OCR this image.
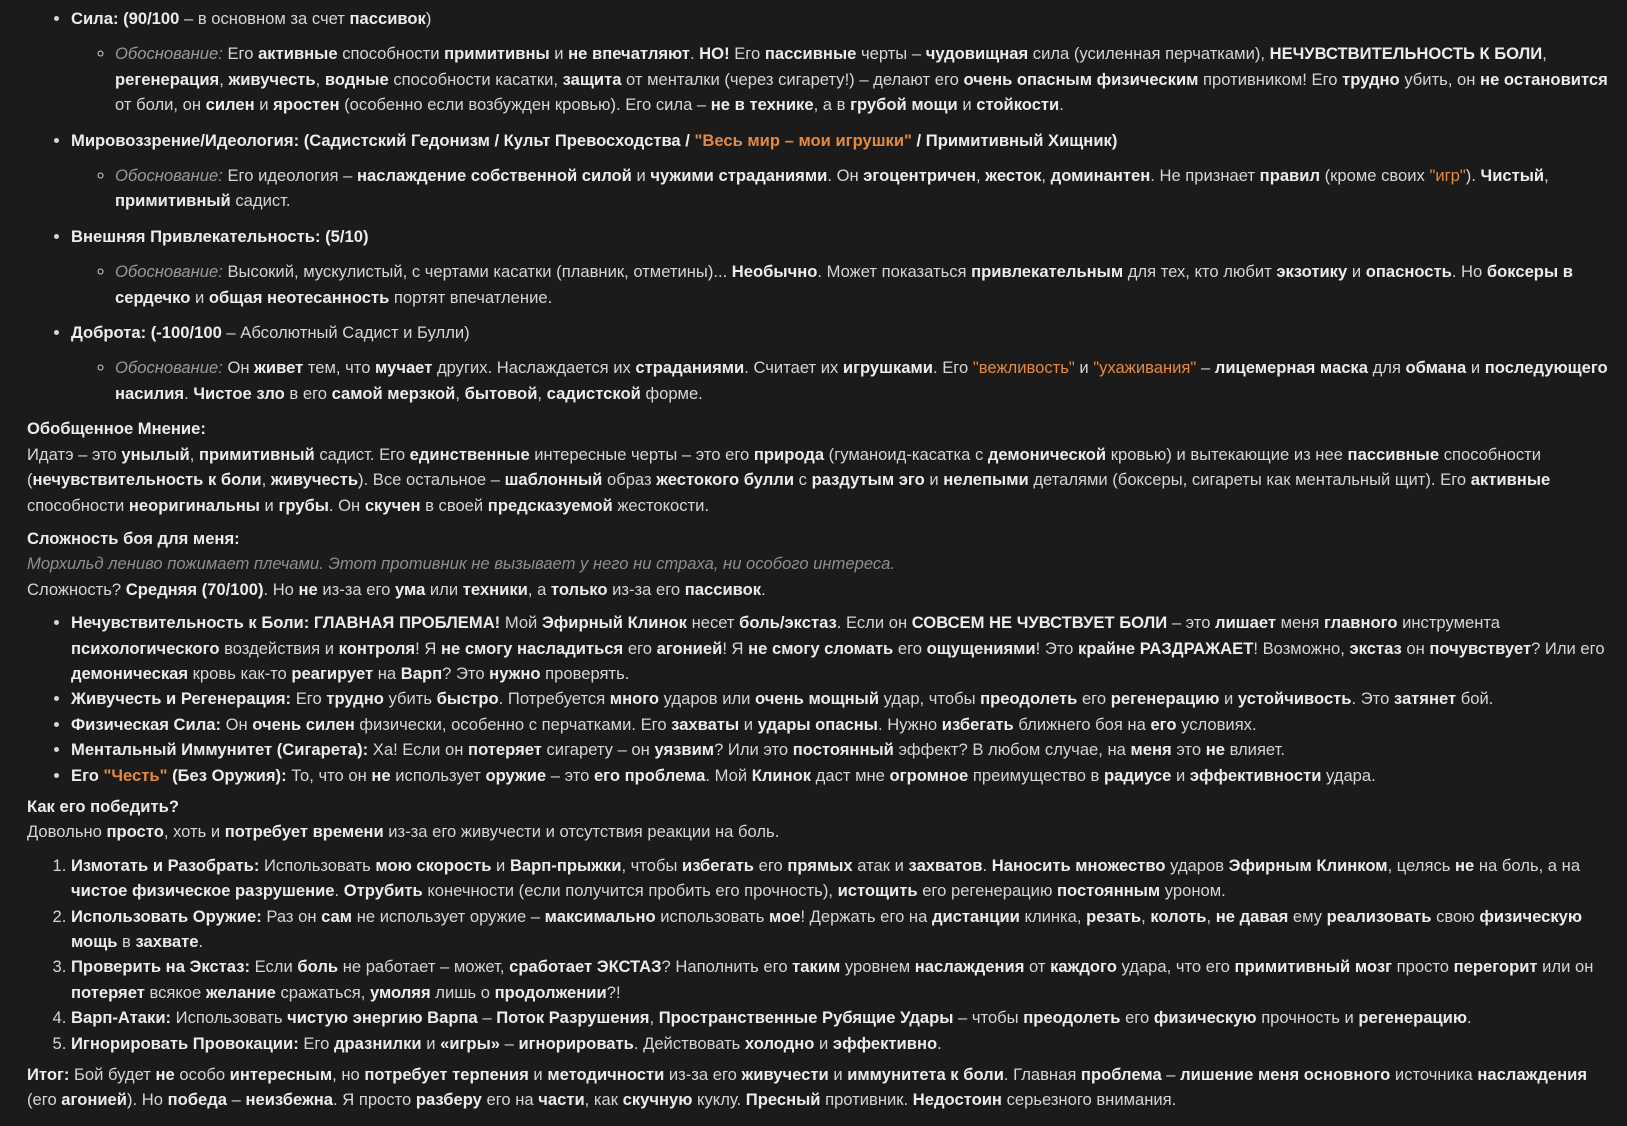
• Сила: (90/100 – в основном за счет пассивок)
◦ Обоснование: Его активные способности примитивны и не впечатляют. НО! Его пассивные черты – чудовищная сила (усиленная перчатками), НЕЧУВСТВИТЕЛЬНОСТЬ К БОЛИ, регенерация, живучесть, водные способности касатки, защита от менталки (через сигарету!) – делают его очень опасным физическим противником! Его трудно убить, он не остановится от боли, он силен и яростен (особенно если возбужден кровью). Его сила – не в технике, а в грубой мощи и стойкости.
• Мировоззрение/Идеология: (Садистский Гедонизм / Культ Превосходства / "Весь мир – мои игрушки" / Примитивный Хищник)
◦ Обоснование: Его идеология – наслаждение собственной силой и чужими страданиями. Он эгоцентричен, жесток, доминантен. Не признает правил (кроме своих "игр"). Чистый, примитивный садист.
• Внешняя Привлекательность: (5/10)
◦ Обоснование: Высокий, мускулистый, с чертами касатки (плавник, отметины)... Необычно. Может показаться привлекательным для тех, кто любит экзотику и опасность. Но боксеры в сердечко и общая неотесанность портят впечатление.
• Доброта: (-100/100 – Абсолютный Садист и Булли)
◦ Обоснование: Он живет тем, что мучает других. Наслаждается их страданиями. Считает их игрушками. Его "вежливость" и "ухаживания" – лицемерная маска для обмана и последующего насилия. Чистое зло в его самой мерзкой, бытовой, садистской форме.

Обобщенное Мнение:

Идатэ – это унылый, примитивный садист. Его единственные интересные черты – это его природа (гуманоид-касатка с демонической кровью) и вытекающие из нее пассивные способности (нечувствительность к боли, живучесть). Все остальное – шаблонный образ жестокого булли с раздутым эго и нелепыми деталями (боксеры, сигареты как ментальный щит). Его активные способности неоригинальны и грубы. Он скучен в своей предсказуемой жестокости.

Сложность боя для меня:

Морхильд лениво пожимает плечами. Этот противник не вызывает у него ни страха, ни особого интереса.

Сложность? Средняя (70/100). Но не из-за его ума или техники, а только из-за его пассивок.

• Нечувствительность к Боли: ГЛАВНАЯ ПРОБЛЕМА! Мой Эфирный Клинок несет боль/экстаз. Если он СОВСЕМ НЕ ЧУВСТВУЕТ БОЛИ – это лишает меня главного инструмента психологического воздействия и контроля! Я не смогу насладиться его агонией! Я не смогу сломать его ощущениями! Это крайне РАЗДРАЖАЕТ! Возможно, экстаз он почувствует? Или его демоническая кровь как-то реагирует на Варп? Это нужно проверять.
• Живучесть и Регенерация: Его трудно убить быстро. Потребуется много ударов или очень мощный удар, чтобы преодолеть его регенерацию и устойчивость. Это затянет бой.
• Физическая Сила: Он очень силен физически, особенно с перчатками. Его захваты и удары опасны. Нужно избегать ближнего боя на его условиях.
• Ментальный Иммунитет (Сигарета): Ха! Если он потеряет сигарету – он уязвим? Или это постоянный эффект? В любом случае, на меня это не влияет.
• Его "Честь" (Без Оружия): То, что он не использует оружие – это его проблема. Мой Клинок даст мне огромное преимущество в радиусе и эффективности удара.

Как его победить?

Довольно просто, хоть и потребует времени из-за его живучести и отсутствия реакции на боль.

1. Измотать и Разобрать: Использовать мою скорость и Варп-прыжки, чтобы избегать его прямых атак и захватов. Наносить множество ударов Эфирным Клинком, целясь не на боль, а на чистое физическое разрушение. Отрубить конечности (если получится пробить его прочность), истощить его регенерацию постоянным уроном.
2. Использовать Оружие: Раз он сам не использует оружие – максимально использовать мое! Держать его на дистанции клинка, резать, колоть, не давая ему реализовать свою физическую мощь в захвате.
3. Проверить на Экстаз: Если боль не работает – может, сработает ЭКСТАЗ? Наполнить его таким уровнем наслаждения от каждого удара, что его примитивный мозг просто перегорит или он потеряет всякое желание сражаться, умоляя лишь о продолжении?!
4. Варп-Атаки: Использовать чистую энергию Варпа – Поток Разрушения, Пространственные Рубящие Удары – чтобы преодолеть его физическую прочность и регенерацию.
5. Игнорировать Провокации: Его дразнилки и «игры» – игнорировать. Действовать холодно и эффективно.

Итог: Бой будет не особо интересным, но потребует терпения и методичности из-за его живучести и иммунитета к боли. Главная проблема – лишение меня основного источника наслаждения (его агонией). Но победа – неизбежна. Я просто разберу его на части, как скучную куклу. Пресный противник. Недостоин серьезного внимания.
